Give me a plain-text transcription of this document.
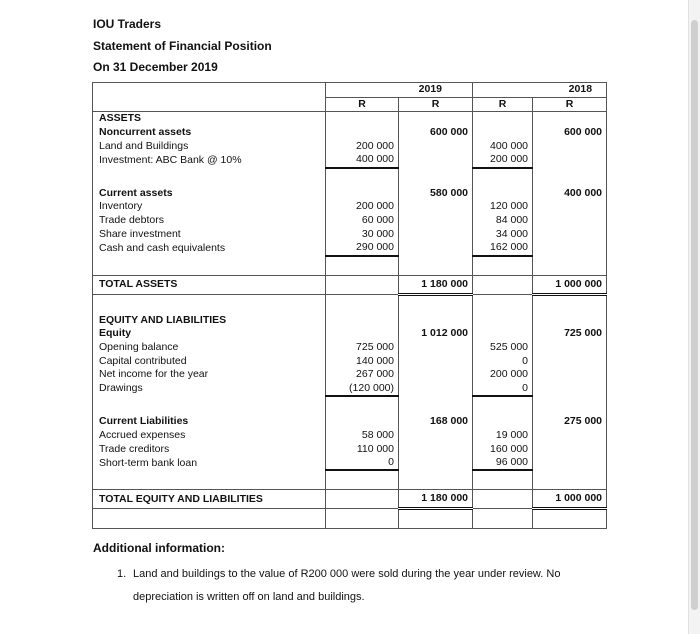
IOU Traders
Statement of Financial Position
On 31 December 2019
	2019		2018	
	R	R	R	R
ASSETS				
Noncurrent assets		600 000		600 000
Land and Buildings	200 000		400 000	
Investment: ABC Bank @ 10%	400 000		200 000	

Current assets		580 000		400 000
Inventory	200 000		120 000	
Trade debtors	60 000		84 000	
Share investment	30 000		34 000	
Cash and cash equivalents	290 000		162 000	

TOTAL ASSETS		1 180 000		1 000 000

EQUITY AND LIABILITIES				
Equity		1 012 000		725 000
Opening balance	725 000		525 000	
Capital contributed	140 000		0	
Net income for the year	267 000		200 000	
Drawings	(120 000)		0	

Current Liabilities		168 000		275 000
Accrued expenses	58 000		19 000	
Trade creditors	110 000		160 000	
Short-term bank loan	0		96 000	

TOTAL EQUITY AND LIABILITIES		1 180 000		1 000 000

Additional information:
1. Land and buildings to the value of R200 000 were sold during the year under review. No
depreciation is written off on land and buildings.
